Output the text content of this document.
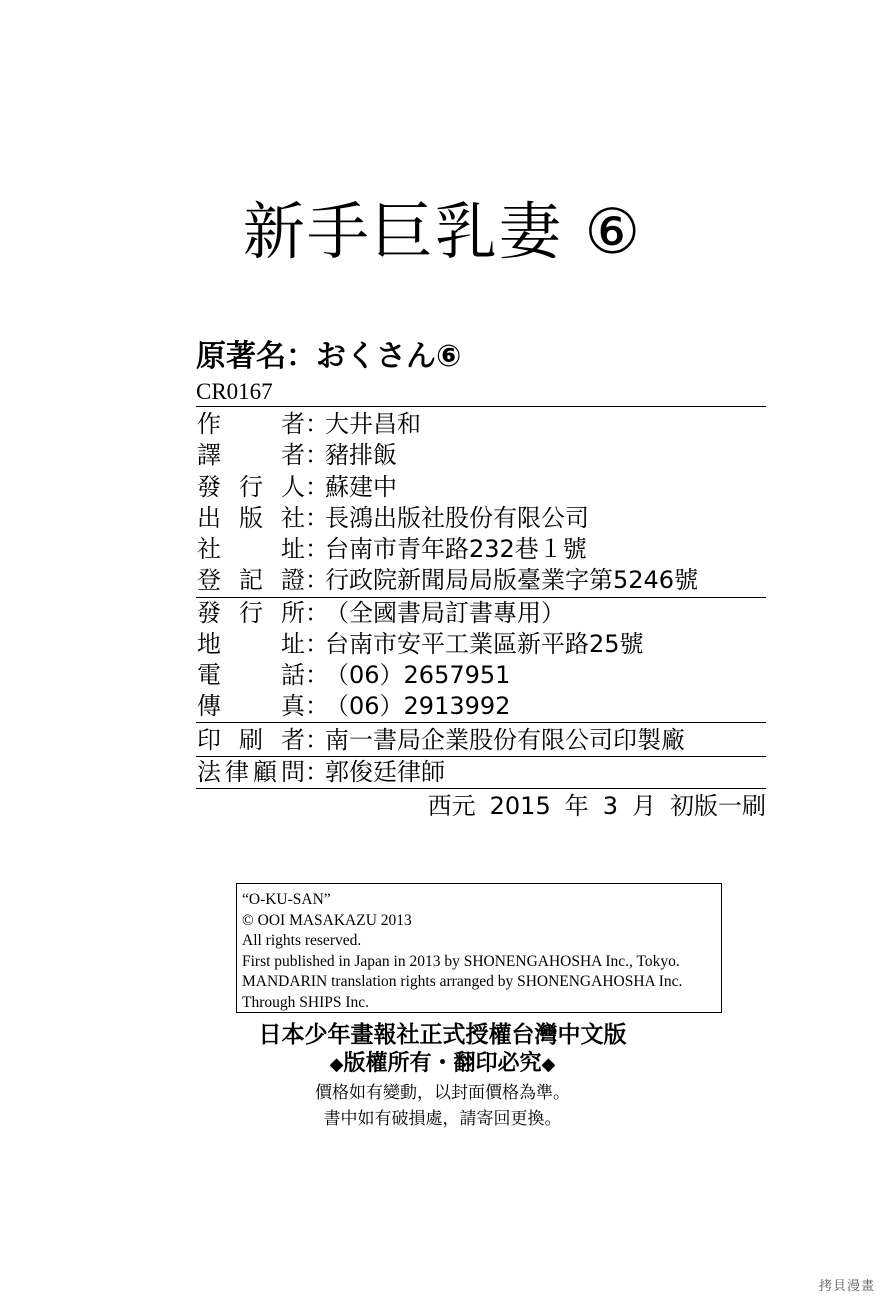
新手巨乳妻 ⑥
原著名：おくさん⑥
CR0167
作者：大井昌和
譯者：豬排飯
發行人：蘇建中
出版社：長鴻出版社股份有限公司
社址：台南市青年路232巷１號
登記證：行政院新聞局局版臺業字第5246號
發行所：（全國書局訂書專用）
地址：台南市安平工業區新平路25號
電話：（06）2657951
傳真：（06）2913992
印刷者：南一書局企業股份有限公司印製廠
法律顧問：郭俊廷律師
西元 2015 年 3 月 初版一刷
“O-KU-SAN”
© OOI MASAKAZU 2013
All rights reserved.
First published in Japan in 2013 by SHONENGAHOSHA Inc., Tokyo.
MANDARIN translation rights arranged by SHONENGAHOSHA Inc.
Through SHIPS Inc.
日本少年畫報社正式授權台灣中文版
◆版權所有・翻印必究◆
價格如有變動，以封面價格為準。
書中如有破損處，請寄回更換。
拷貝漫畫
